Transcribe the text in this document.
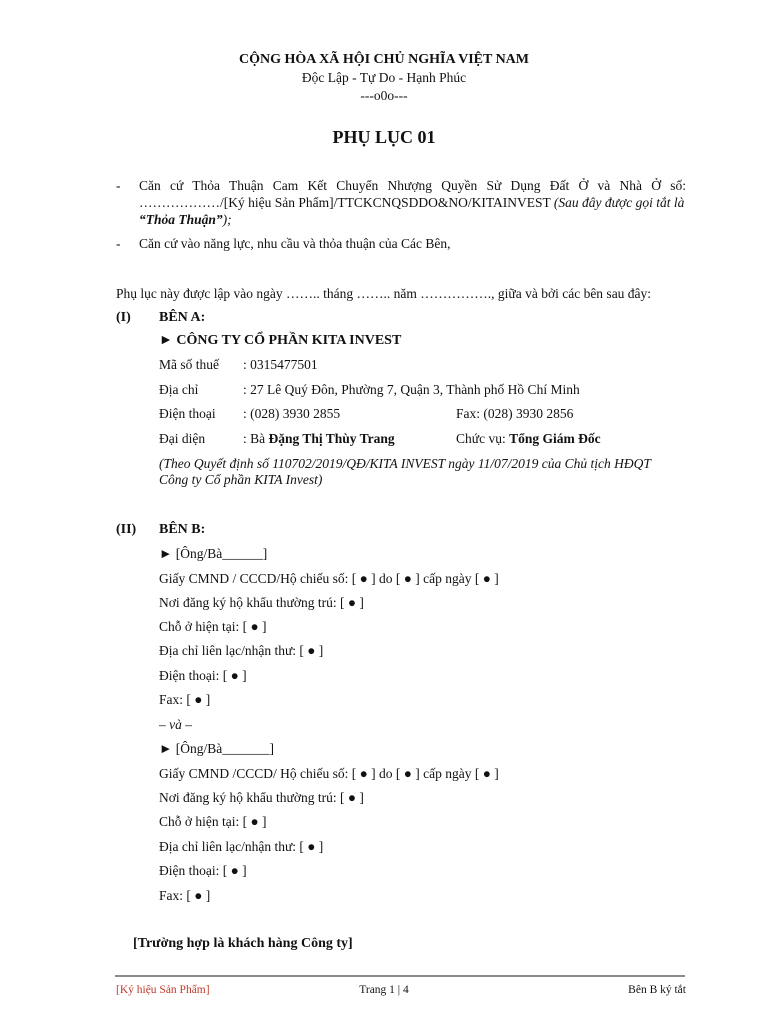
CỘNG HÒA XÃ HỘI CHỦ NGHĨA VIỆT NAM
Độc Lập - Tự Do - Hạnh Phúc
---o0o---
PHỤ LỤC 01
- Căn cứ Thỏa Thuận Cam Kết Chuyển Nhượng Quyền Sử Dụng Đất Ở và Nhà Ở số:
………………/[Ký hiệu Sản Phẩm]/TTCKCNQSDDO&NO/KITAINVEST (Sau đây được gọi tắt là
“Thỏa Thuận”);
- Căn cứ vào năng lực, nhu cầu và thỏa thuận của Các Bên,
Phụ lục này được lập vào ngày …….. tháng …….. năm ……………., giữa và bởi các bên sau đây:
(I) BÊN A:
► CÔNG TY CỔ PHẦN KITA INVEST
Mã số thuế : 0315477501
Địa chỉ	: 27 Lê Quý Đôn, Phường 7, Quận 3, Thành phố Hồ Chí Minh
Điện thoại : (028) 3930 2855	Fax: (028) 3930 2856
Đại diện	: Bà Đặng Thị Thùy Trang	Chức vụ: Tổng Giám Đốc
(Theo Quyết định số 110702/2019/QĐ/KITA INVEST ngày 11/07/2019 của Chủ tịch HĐQT
Công ty Cổ phần KITA Invest)
(II) BÊN B:
► [Ông/Bà______]
Giấy CMND / CCCD/Hộ chiếu số: [ ● ] do [ ● ] cấp ngày [ ● ]
Nơi đăng ký hộ khẩu thường trú: [ ● ]
Chỗ ở hiện tại: [ ● ]
Địa chỉ liên lạc/nhận thư: [ ● ]
Điện thoại: [ ● ]
Fax: [ ● ]
– và –
► [Ông/Bà_______]
Giấy CMND /CCCD/ Hộ chiếu số: [ ● ] do [ ● ] cấp ngày [ ● ]
Nơi đăng ký hộ khẩu thường trú: [ ● ]
Chỗ ở hiện tại: [ ● ]
Địa chỉ liên lạc/nhận thư: [ ● ]
Điện thoại: [ ● ]
Fax: [ ● ]
[Trường hợp là khách hàng Công ty]
[Ký hiệu Sản Phẩm]	Trang 1 | 4	Bên B ký tắt
